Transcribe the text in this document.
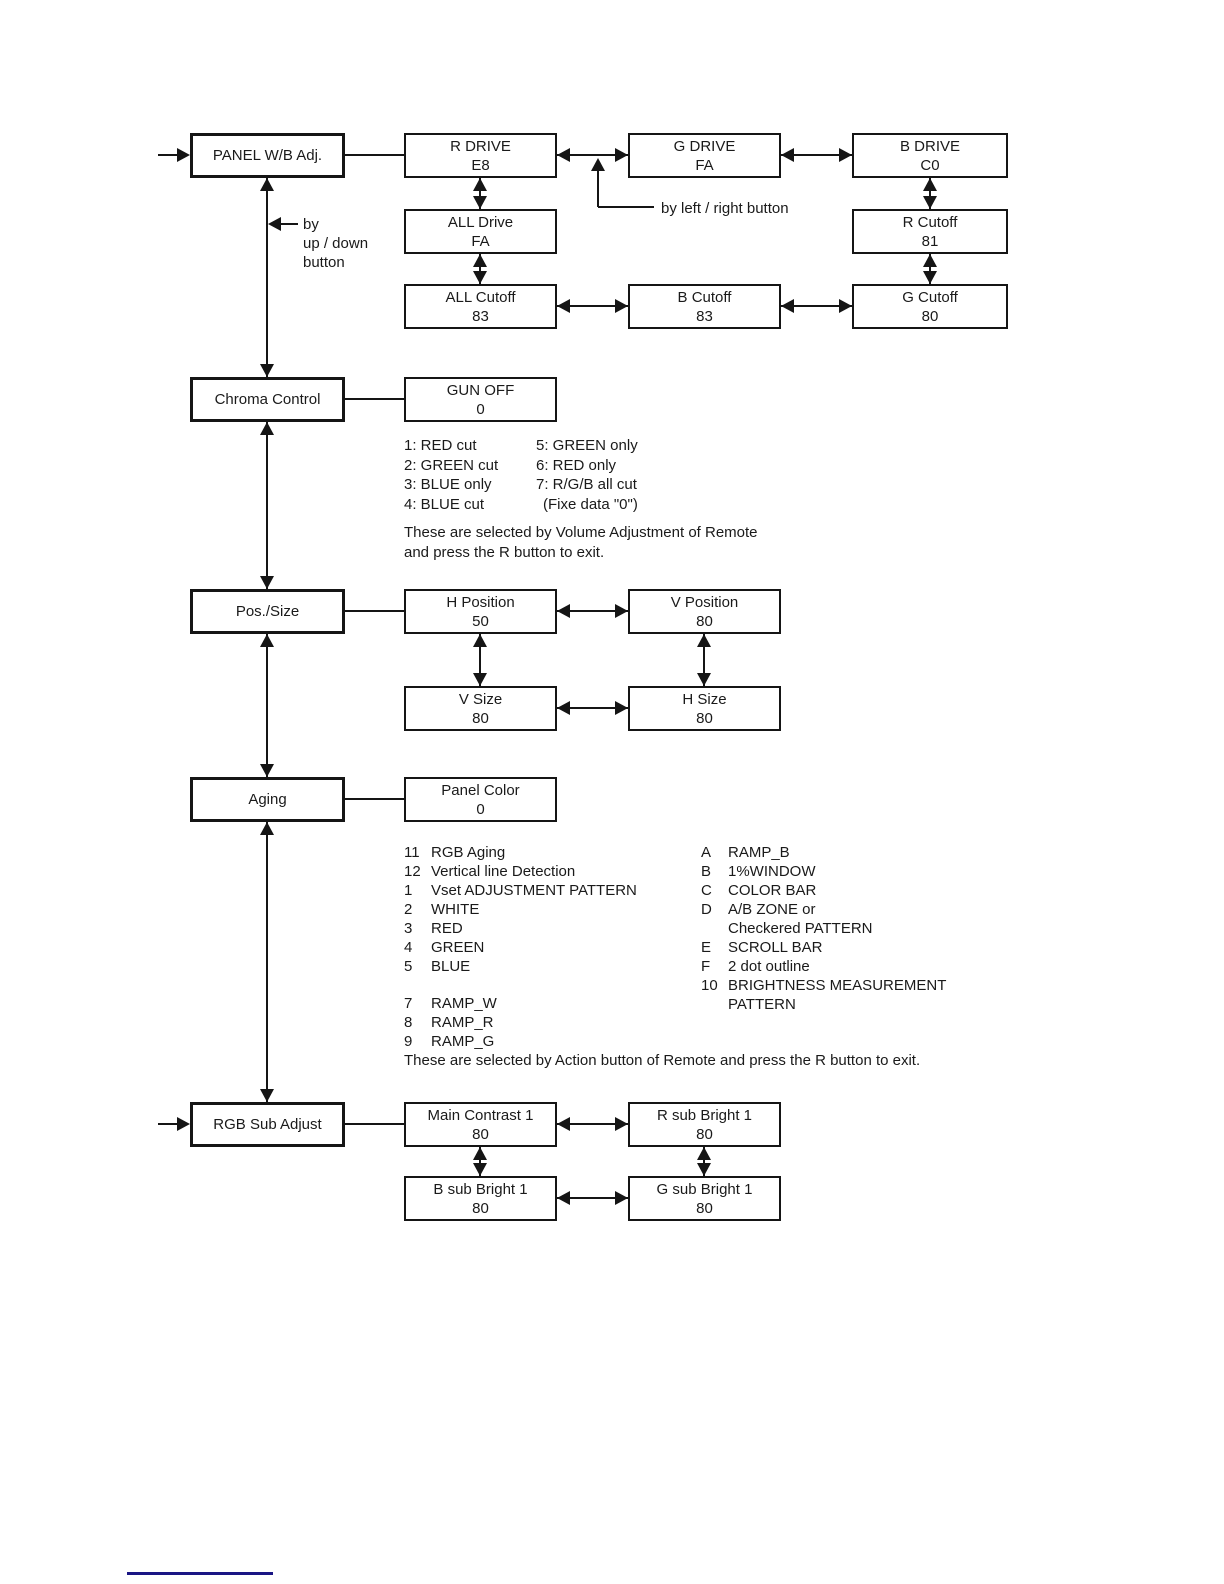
PANEL W/B Adj.
Chroma Control
Pos./Size
Aging
RGB Sub Adjust
R DRIVE
E8
G DRIVE
FA
B DRIVE
C0
ALL Drive
FA
R Cutoff
81
ALL Cutoff
83
B Cutoff
83
G Cutoff
80
GUN OFF
0
H Position
50
V Position
80
V Size
80
H Size
80
Panel Color
0
Main Contrast 1
80
R sub Bright 1
80
B sub Bright 1
80
G sub Bright 1
80
by
up / down
button
by left / right button
1: RED cut
2: GREEN cut
3: BLUE only
4: BLUE cut
5: GREEN only
6: RED only
7: R/G/B all cut
(Fixe data "0")
These are selected by Volume Adjustment of Remote
and press the R button to exit.
11 RGB Aging
12 Vertical line Detection
1 Vset ADJUSTMENT PATTERN
2 WHITE
3 RED
4 GREEN
5 BLUE
7 RAMP_W
8 RAMP_R
9 RAMP_G
A RAMP_B
B 1%WINDOW
C COLOR BAR
D A/B ZONE or
Checkered PATTERN
E SCROLL BAR
F 2 dot outline
10 BRIGHTNESS MEASUREMENT
PATTERN
These are selected by Action button of Remote and press the R button to exit.
